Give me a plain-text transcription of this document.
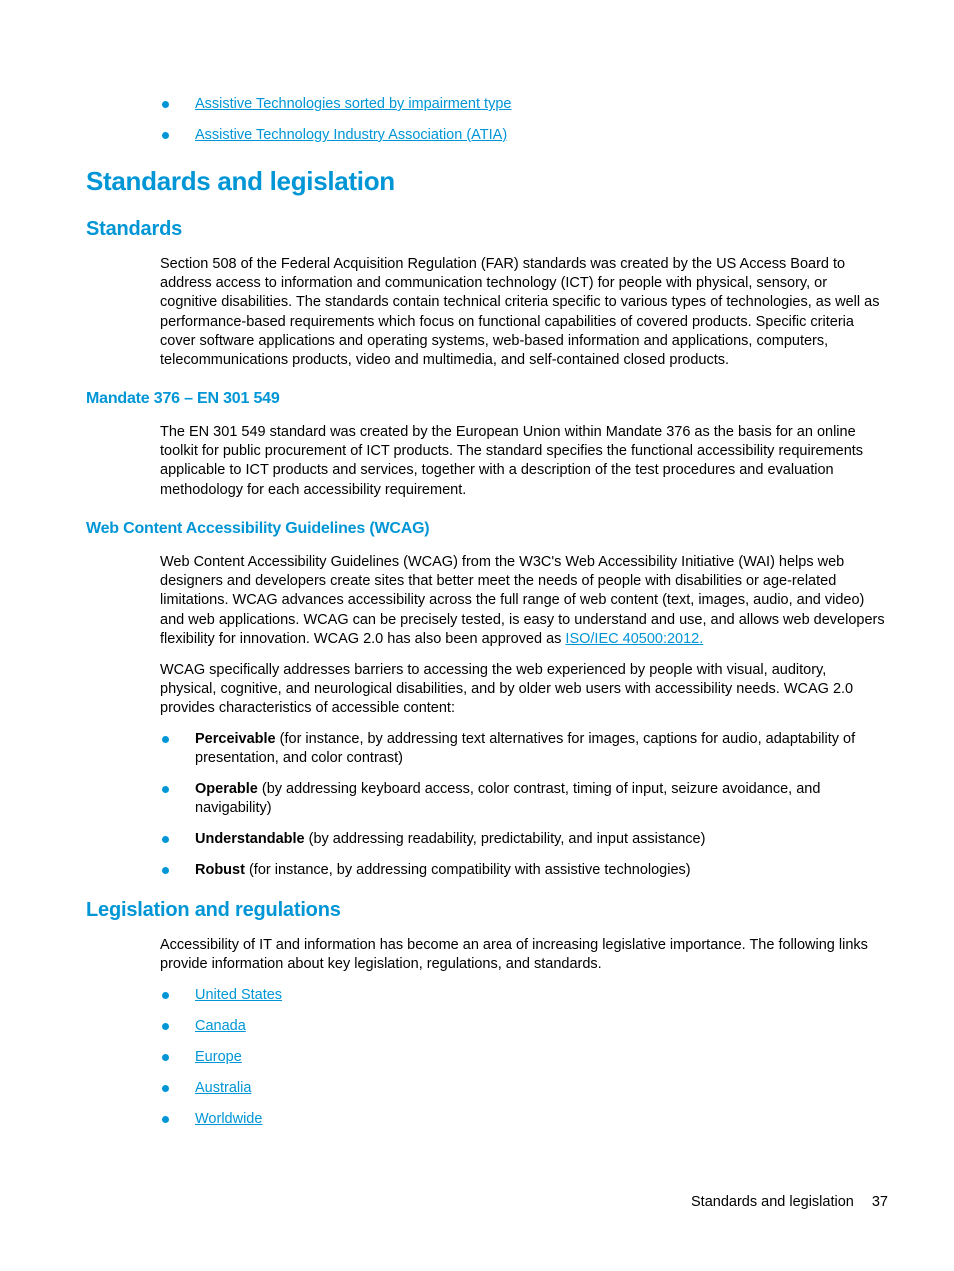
Assistive Technologies sorted by impairment type
Assistive Technology Industry Association (ATIA)
Standards and legislation
Standards

Section 508 of the Federal Acquisition Regulation (FAR) standards was created by the US Access Board to address access to information and communication technology (ICT) for people with physical, sensory, or cognitive disabilities. The standards contain technical criteria specific to various types of technologies, as well as performance-based requirements which focus on functional capabilities of covered products. Specific criteria cover software applications and operating systems, web-based information and applications, computers, telecommunications products, video and multimedia, and self-contained closed products.

Mandate 376 – EN 301 549

The EN 301 549 standard was created by the European Union within Mandate 376 as the basis for an online toolkit for public procurement of ICT products. The standard specifies the functional accessibility requirements applicable to ICT products and services, together with a description of the test procedures and evaluation methodology for each accessibility requirement.

Web Content Accessibility Guidelines (WCAG)

Web Content Accessibility Guidelines (WCAG) from the W3C's Web Accessibility Initiative (WAI) helps web designers and developers create sites that better meet the needs of people with disabilities or age-related limitations. WCAG advances accessibility across the full range of web content (text, images, audio, and video) and web applications. WCAG can be precisely tested, is easy to understand and use, and allows web developers flexibility for innovation. WCAG 2.0 has also been approved as ISO/IEC 40500:2012.

WCAG specifically addresses barriers to accessing the web experienced by people with visual, auditory, physical, cognitive, and neurological disabilities, and by older web users with accessibility needs. WCAG 2.0 provides characteristics of accessible content:

Perceivable (for instance, by addressing text alternatives for images, captions for audio, adaptability of presentation, and color contrast)
Operable (by addressing keyboard access, color contrast, timing of input, seizure avoidance, and navigability)
Understandable (by addressing readability, predictability, and input assistance)
Robust (for instance, by addressing compatibility with assistive technologies)
Legislation and regulations

Accessibility of IT and information has become an area of increasing legislative importance. The following links provide information about key legislation, regulations, and standards.

United States
Canada
Europe
Australia
Worldwide
Standards and legislation 37
